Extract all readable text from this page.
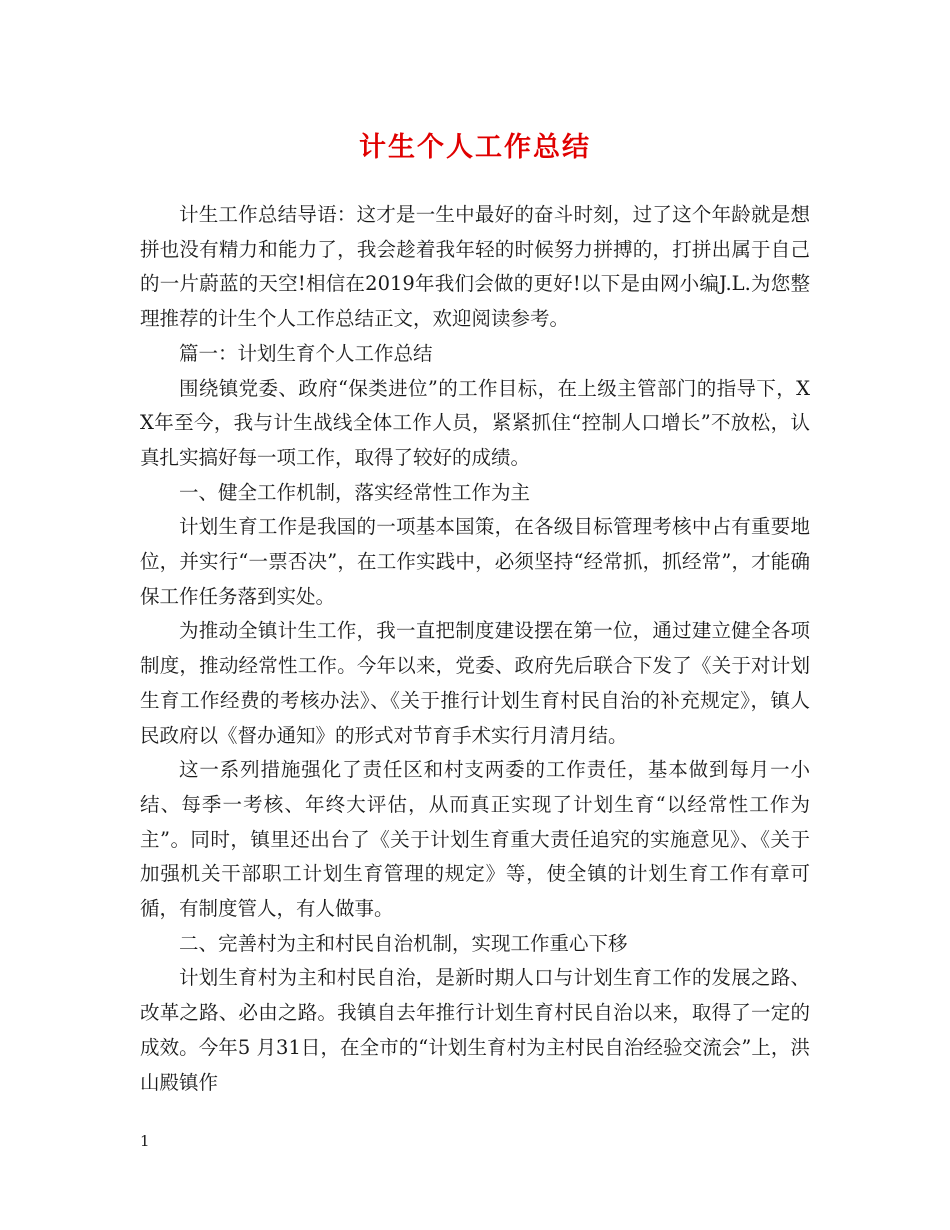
计生个人工作总结

计生工作总结导语：这才是一生中最好的奋斗时刻，过了这个年龄就是想拼也没有精力和能力了，我会趁着我年轻的时候努力拼搏的，打拼出属于自己的一片蔚蓝的天空!相信在2019年我们会做的更好!以下是由网小编J.L.为您整理推荐的计生个人工作总结正文，欢迎阅读参考。

篇一：计划生育个人工作总结

围绕镇党委、政府“保类进位”的工作目标，在上级主管部门的指导下，XX年至今，我与计生战线全体工作人员，紧紧抓住“控制人口增长”不放松，认真扎实搞好每一项工作，取得了较好的成绩。

一、健全工作机制，落实经常性工作为主

计划生育工作是我国的一项基本国策，在各级目标管理考核中占有重要地位，并实行“一票否决”，在工作实践中，必须坚持“经常抓，抓经常”，才能确保工作任务落到实处。

为推动全镇计生工作，我一直把制度建设摆在第一位，通过建立健全各项制度，推动经常性工作。今年以来，党委、政府先后联合下发了《关于对计划生育工作经费的考核办法》、《关于推行计划生育村民自治的补充规定》，镇人民政府以《督办通知》的形式对节育手术实行月清月结。

这一系列措施强化了责任区和村支两委的工作责任，基本做到每月一小结、每季一考核、年终大评估，从而真正实现了计划生育“以经常性工作为主”。同时，镇里还出台了《关于计划生育重大责任追究的实施意见》、《关于加强机关干部职工计划生育管理的规定》等，使全镇的计划生育工作有章可循，有制度管人，有人做事。

二、完善村为主和村民自治机制，实现工作重心下移

计划生育村为主和村民自治，是新时期人口与计划生育工作的发展之路、改革之路、必由之路。我镇自去年推行计划生育村民自治以来，取得了一定的成效。今年5 月31日，在全市的“计划生育村为主村民自治经验交流会”上，洪山殿镇作

1
